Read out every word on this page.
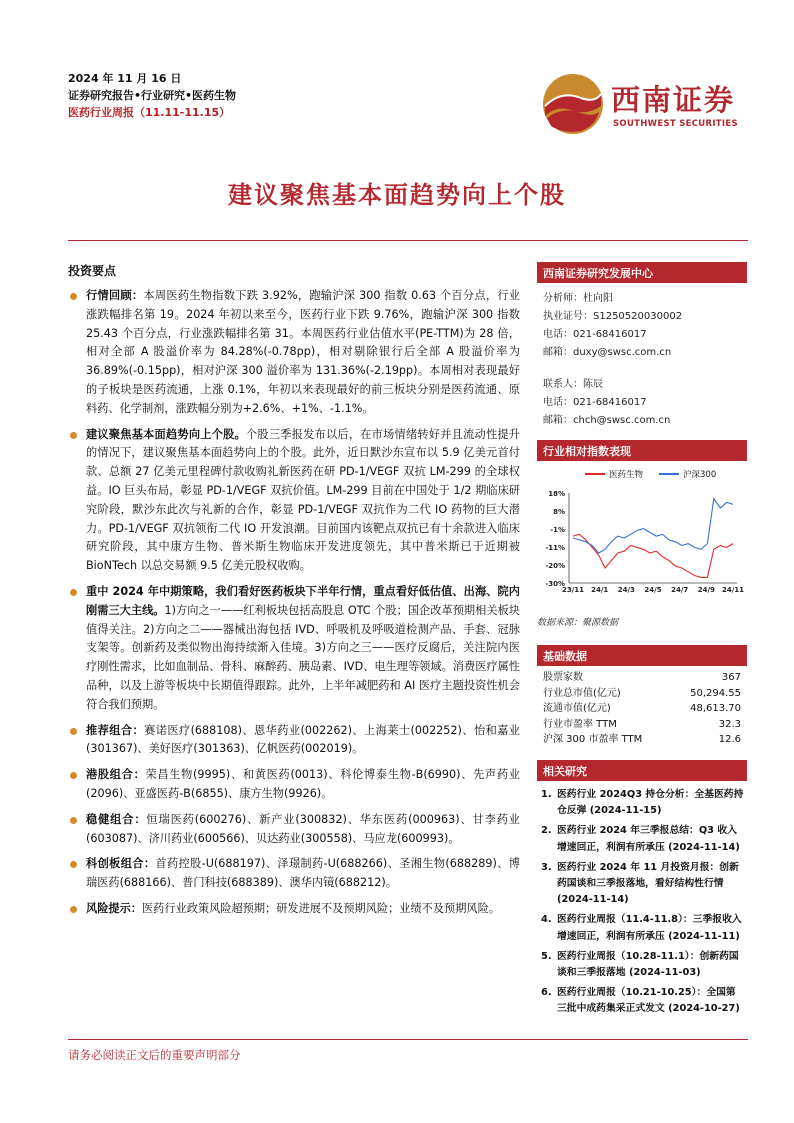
2024 年 11 月 16 日
证券研究报告•行业研究•医药生物
医药行业周报（11.11-11.15）	西南证券
SOUTHWEST SECURITIES
建议聚焦基本面趋势向上个股
投资要点
行情回顾：本周医药生物指数下跌 3.92%，跑输沪深 300 指数 0.63 个百分点，行业涨跌幅排名第 19。2024 年初以来至今，医药行业下跌 9.76%，跑输沪深 300 指数 25.43 个百分点，行业涨跌幅排名第 31。本周医药行业估值水平(PE-TTM)为 28 倍，相对全部 A 股溢价率为 84.28%(-0.78pp)，相对剔除银行后全部 A 股溢价率为 36.89%(-0.15pp)，相对沪深 300 溢价率为 131.36%(-2.19pp)。本周相对表现最好的子板块是医药流通，上涨 0.1%，年初以来表现最好的前三板块分别是医药流通、原料药、化学制剂，涨跌幅分别为+2.6%、+1%、-1.1%。
建议聚焦基本面趋势向上个股。个股三季报发布以后，在市场情绪转好并且流动性提升的情况下，建议聚焦基本面趋势向上的个股。此外，近日默沙东宣布以 5.9 亿美元首付款、总额 27 亿美元里程碑付款收购礼新医药在研 PD-1/VEGF 双抗 LM-299 的全球权益。IO 巨头布局，彰显 PD-1/VEGF 双抗价值。LM-299 目前在中国处于 1/2 期临床研究阶段，默沙东此次与礼新的合作，彰显 PD-1/VEGF 双抗作为二代 IO 药物的巨大潜力。PD-1/VEGF 双抗领衔二代 IO 开发浪潮。目前国内该靶点双抗已有十余款进入临床研究阶段，其中康方生物、普米斯生物临床开发进度领先，其中普米斯已于近期被 BioNTech 以总交易额 9.5 亿美元股权收购。
重中 2024 年中期策略，我们看好医药板块下半年行情，重点看好低估值、出海、院内刚需三大主线。1)方向之一——红利板块包括高股息 OTC 个股；国企改革预期相关板块值得关注。2)方向之二——器械出海包括 IVD、呼吸机及呼吸道检测产品、手套、冠脉支架等。创新药及类似物出海持续渐入佳境。3)方向之三——医疗反腐后，关注院内医疗刚性需求，比如血制品、骨科、麻醉药、胰岛素、IVD、电生理等领域。消费医疗属性品种，以及上游等板块中长期值得跟踪。此外，上半年减肥药和 AI 医疗主题投资性机会符合我们预期。
推荐组合：赛诺医疗(688108)、恩华药业(002262)、上海莱士(002252)、怡和嘉业(301367)、美好医疗(301363)、亿帆医药(002019)。
港股组合：荣昌生物(9995)、和黄医药(0013)、科伦博泰生物-B(6990)、先声药业(2096)、亚盛医药-B(6855)、康方生物(9926)。
稳健组合：恒瑞医药(600276)、新产业(300832)、华东医药(000963)、甘李药业(603087)、济川药业(600566)、贝达药业(300558)、马应龙(600993)。
科创板组合：首药控股-U(688197)、泽璟制药-U(688266)、圣湘生物(688289)、博瑞医药(688166)、普门科技(688389)、澳华内镜(688212)。
风险提示：医药行业政策风险超预期；研发进展不及预期风险；业绩不及预期风险。
西南证券研究发展中心
分析师：杜向阳
执业证号：S1250520030002
电话：021-68416017
邮箱：duxy@swsc.com.cn
联系人：陈辰
电话：021-68416017
邮箱：chch@swsc.com.cn
行业相对指数表现
医药生物	沪深300
18%
8%
-1%
-11%
-20%
-30%
23/11 24/1 24/3 24/5 24/7 24/9 24/11
数据来源：聚源数据
基础数据
股票家数	367
行业总市值(亿元)	50,294.55
流通市值(亿元)	48,613.70
行业市盈率 TTM	32.3
沪深 300 市盈率 TTM	12.6
相关研究
1. 医药行业 2024Q3 持仓分析：全基医药持仓反弹 (2024-11-15)
2. 医药行业 2024 年三季报总结：Q3 收入增速回正，利润有所承压 (2024-11-14)
3. 医药行业 2024 年 11 月投资月报：创新药国谈和三季报落地，看好结构性行情 (2024-11-14)
4. 医药行业周报（11.4-11.8）：三季报收入增速回正，利润有所承压 (2024-11-11)
5. 医药行业周报（10.28-11.1）：创新药国谈和三季报落地 (2024-11-03)
6. 医药行业周报（10.21-10.25）：全国第三批中成药集采正式发文 (2024-10-27)
请务必阅读正文后的重要声明部分
